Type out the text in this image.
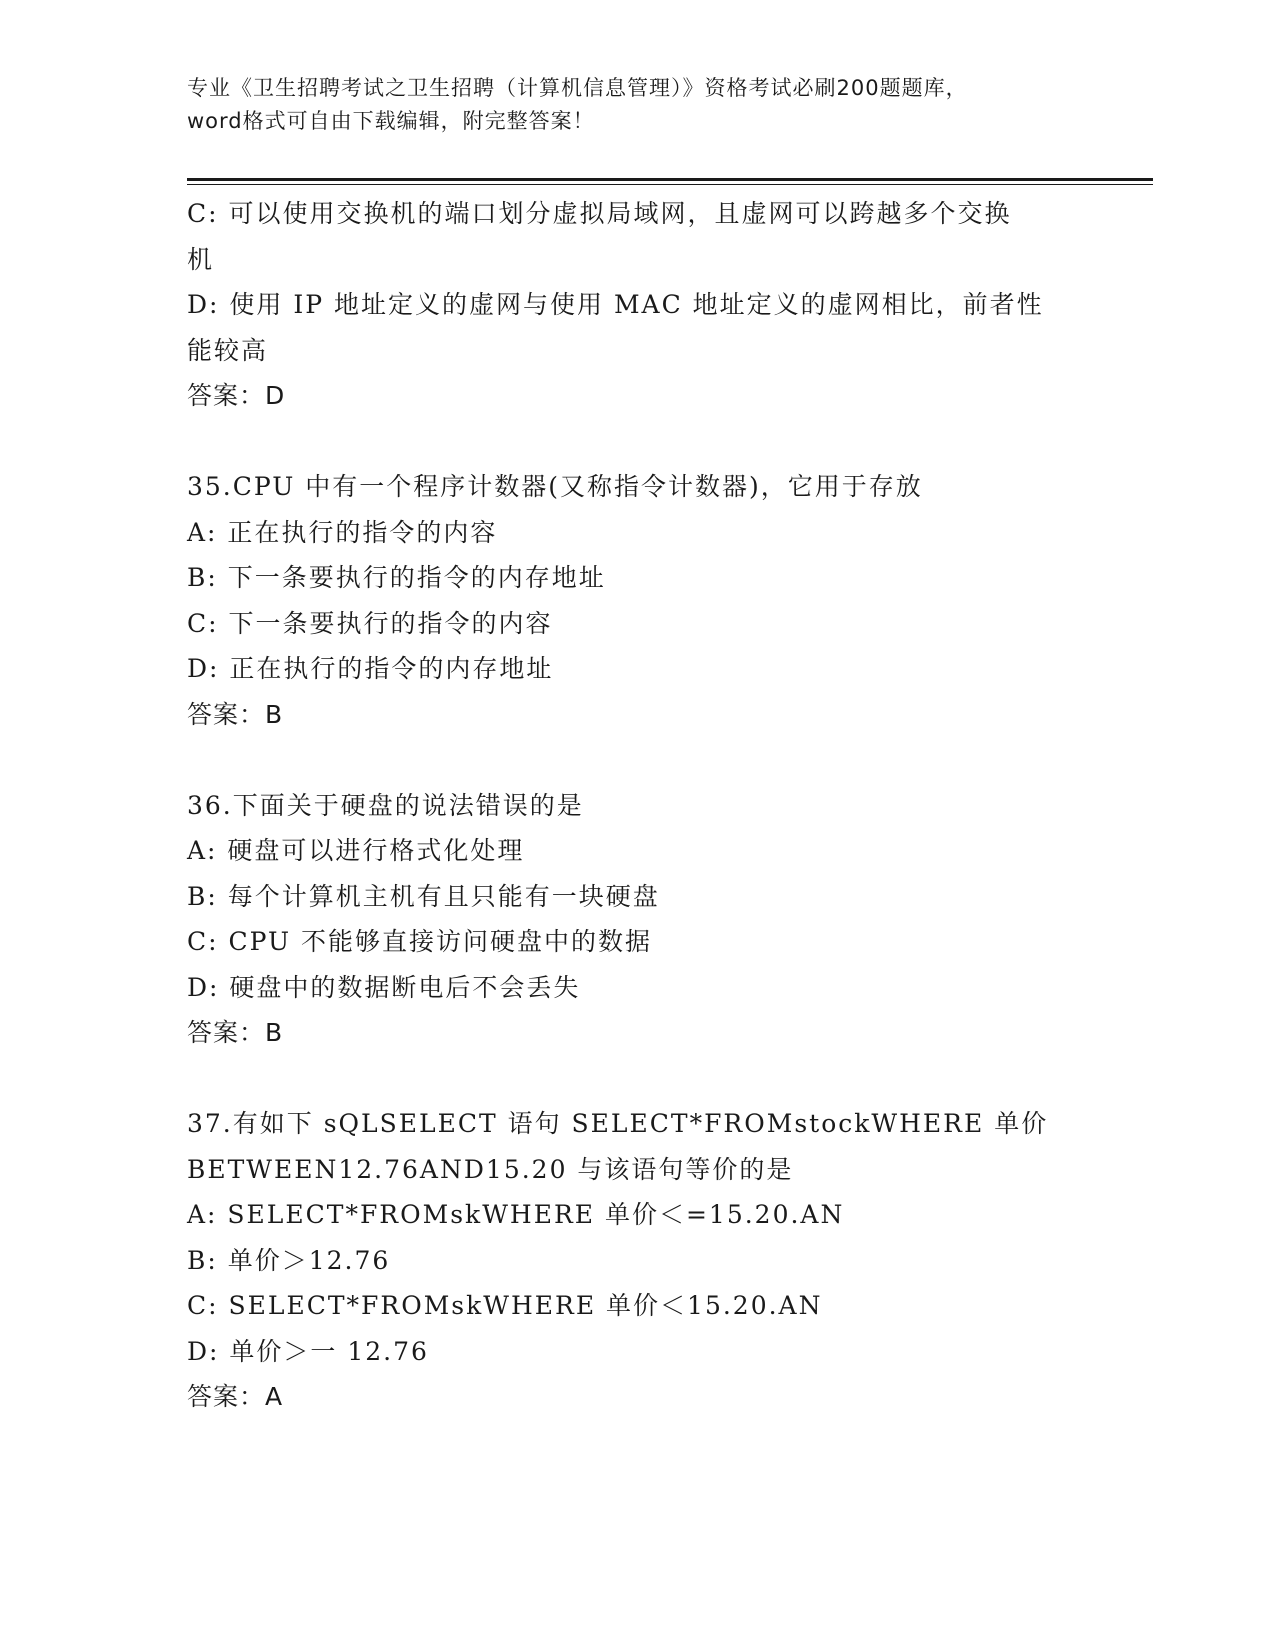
专业《卫生招聘考试之卫生招聘（计算机信息管理）》资格考试必刷200题题库，
word格式可自由下载编辑，附完整答案！
C: 可以使用交换机的端口划分虚拟局域网，且虚网可以跨越多个交换
机
D: 使用 IP 地址定义的虚网与使用 MAC 地址定义的虚网相比，前者性
能较高
答案：D
35.CPU 中有一个程序计数器(又称指令计数器)，它用于存放
A: 正在执行的指令的内容
B: 下一条要执行的指令的内存地址
C: 下一条要执行的指令的内容
D: 正在执行的指令的内存地址
答案：B
36.下面关于硬盘的说法错误的是
A: 硬盘可以进行格式化处理
B: 每个计算机主机有且只能有一块硬盘
C: CPU 不能够直接访问硬盘中的数据
D: 硬盘中的数据断电后不会丢失
答案：B
37.有如下 sQLSELECT 语句 SELECT*FROMstockWHERE 单价
BETWEEN12.76AND15.20 与该语句等价的是
A: SELECT*FROMskWHERE 单价＜=15.20.AN
B: 单价＞12.76
C: SELECT*FROMskWHERE 单价＜15.20.AN
D: 单价＞一 12.76
答案：A
